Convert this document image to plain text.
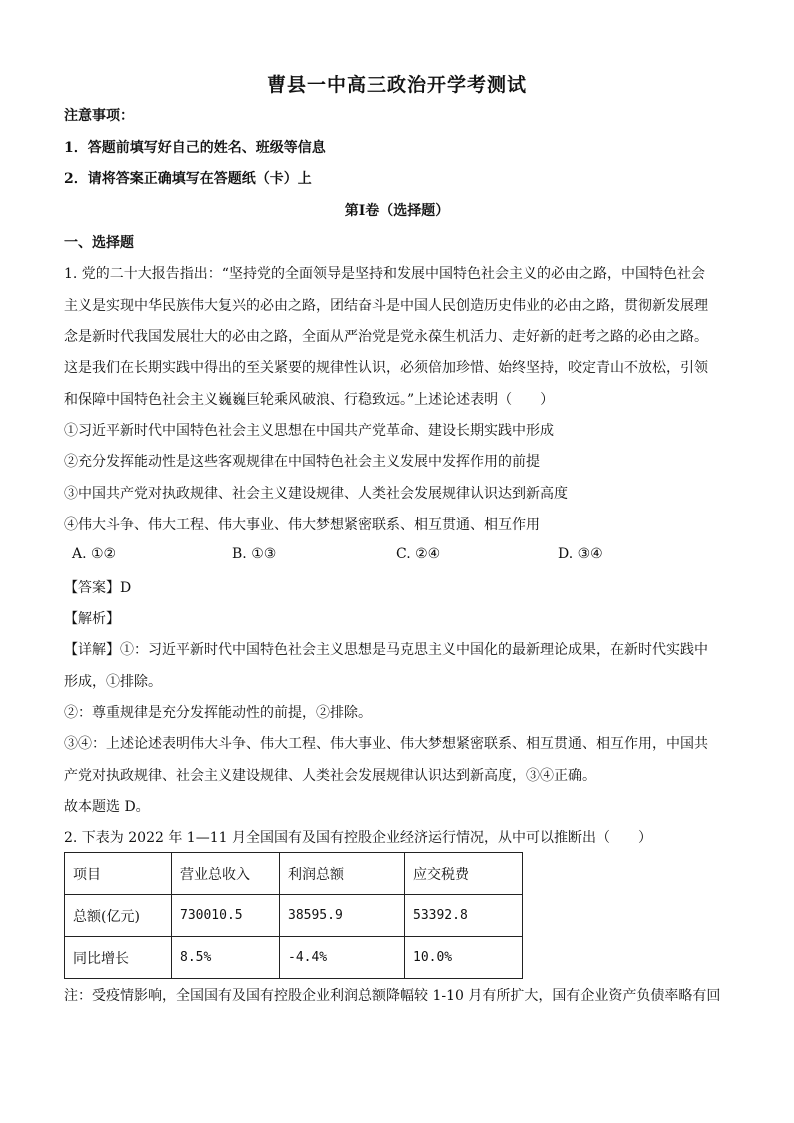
曹县一中高三政治开学考测试
注意事项：
1．答题前填写好自己的姓名、班级等信息
2．请将答案正确填写在答题纸（卡）上
第Ⅰ卷（选择题）
一、选择题
1. 党的二十大报告指出：“坚持党的全面领导是坚持和发展中国特色社会主义的必由之路，中国特色社会
主义是实现中华民族伟大复兴的必由之路，团结奋斗是中国人民创造历史伟业的必由之路，贯彻新发展理
念是新时代我国发展壮大的必由之路，全面从严治党是党永葆生机活力、走好新的赶考之路的必由之路。
这是我们在长期实践中得出的至关紧要的规律性认识，必须倍加珍惜、始终坚持，咬定青山不放松，引领
和保障中国特色社会主义巍巍巨轮乘风破浪、行稳致远。”上述论述表明（　　）
①习近平新时代中国特色社会主义思想在中国共产党革命、建设长期实践中形成
②充分发挥能动性是这些客观规律在中国特色社会主义发展中发挥作用的前提
③中国共产党对执政规律、社会主义建设规律、人类社会发展规律认识达到新高度
④伟大斗争、伟大工程、伟大事业、伟大梦想紧密联系、相互贯通、相互作用
A. ①②	B. ①③	C. ②④	D. ③④
【答案】D
【解析】
【详解】①：习近平新时代中国特色社会主义思想是马克思主义中国化的最新理论成果，在新时代实践中
形成，①排除。
②：尊重规律是充分发挥能动性的前提，②排除。
③④：上述论述表明伟大斗争、伟大工程、伟大事业、伟大梦想紧密联系、相互贯通、相互作用，中国共
产党对执政规律、社会主义建设规律、人类社会发展规律认识达到新高度，③④正确。
故本题选 D。
2. 下表为 2022 年 1—11 月全国国有及国有控股企业经济运行情况，从中可以推断出（　　）
项目	营业总收入	利润总额	应交税费
总额(亿元)	730010.5	38595.9	53392.8
同比增长	8.5%	-4.4%	10.0%
注：受疫情影响，全国国有及国有控股企业利润总额降幅较 1-10 月有所扩大，国有企业资产负债率略有回
